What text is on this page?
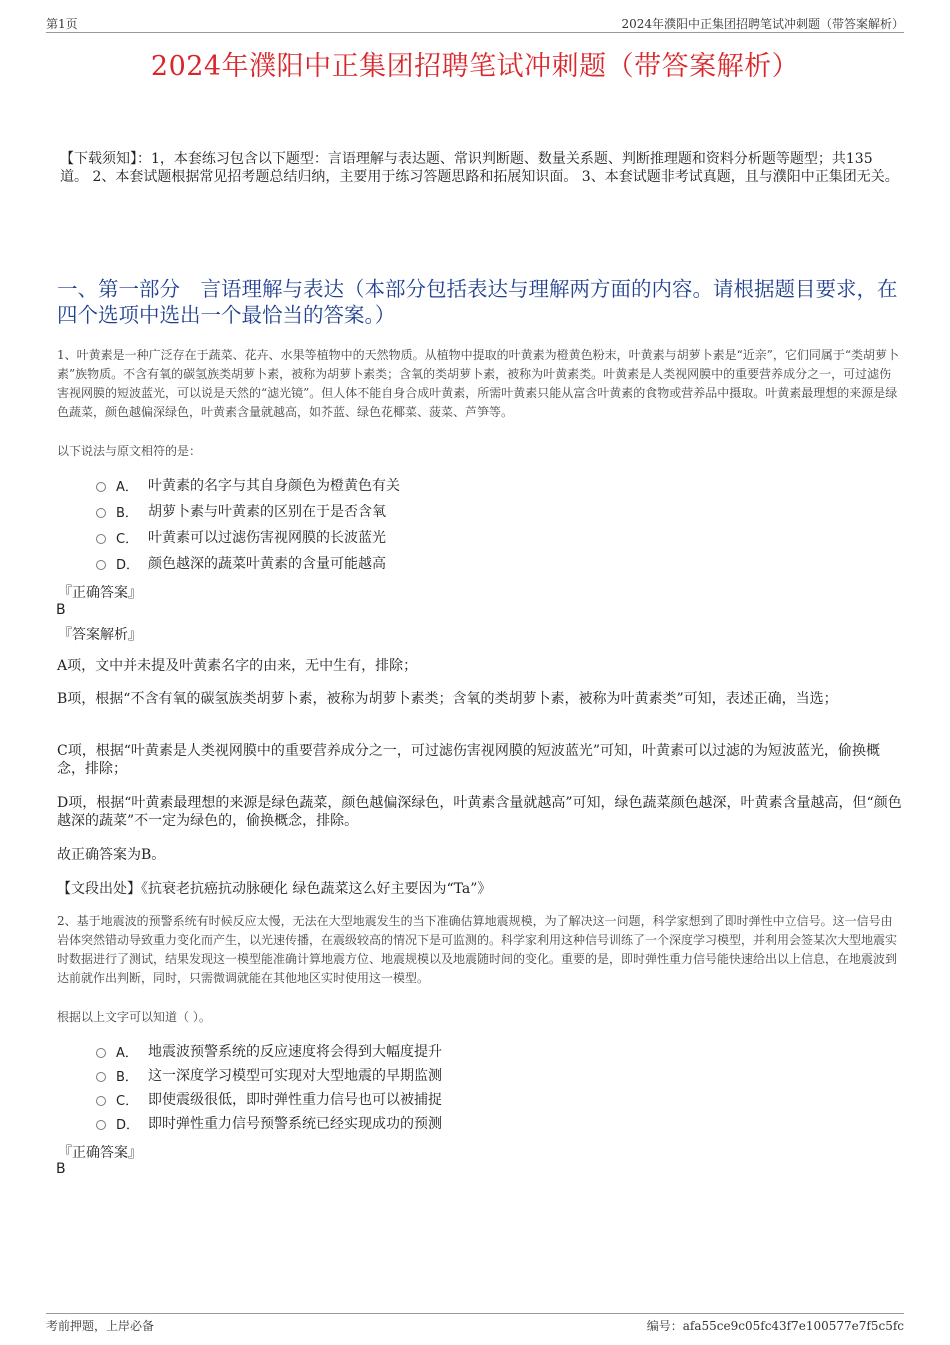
第1页	2024年濮阳中正集团招聘笔试冲刺题（带答案解析）
2024年濮阳中正集团招聘笔试冲刺题（带答案解析）
【下载须知】：1，本套练习包含以下题型：言语理解与表达题、常识判断题、数量关系题、判断推理题和资料分析题等题型；共135道。 2、本套试题根据常见招考题总结归纳，主要用于练习答题思路和拓展知识面。 3、本套试题非考试真题，且与濮阳中正集团无关。
一、第一部分　言语理解与表达（本部分包括表达与理解两方面的内容。请根据题目要求，在四个选项中选出一个最恰当的答案。）
1、叶黄素是一种广泛存在于蔬菜、花卉、水果等植物中的天然物质。从植物中提取的叶黄素为橙黄色粉末，叶黄素与胡萝卜素是“近亲”，它们同属于“类胡萝卜素”族物质。不含有氧的碳氢族类胡萝卜素，被称为胡萝卜素类；含氧的类胡萝卜素，被称为叶黄素类。叶黄素是人类视网膜中的重要营养成分之一，可过滤伤害视网膜的短波蓝光，可以说是天然的“滤光镜”。但人体不能自身合成叶黄素，所需叶黄素只能从富含叶黄素的食物或营养品中摄取。叶黄素最理想的来源是绿色蔬菜，颜色越偏深绿色，叶黄素含量就越高，如芥蓝、绿色花椰菜、菠菜、芦笋等。
以下说法与原文相符的是：
A． 叶黄素的名字与其自身颜色为橙黄色有关
B． 胡萝卜素与叶黄素的区别在于是否含氧
C． 叶黄素可以过滤伤害视网膜的长波蓝光
D． 颜色越深的蔬菜叶黄素的含量可能越高
『正确答案』
B
『答案解析』
A项，文中并未提及叶黄素名字的由来，无中生有，排除；
B项，根据“不含有氧的碳氢族类胡萝卜素，被称为胡萝卜素类；含氧的类胡萝卜素，被称为叶黄素类”可知，表述正确，当选；
C项，根据“叶黄素是人类视网膜中的重要营养成分之一，可过滤伤害视网膜的短波蓝光”可知，叶黄素可以过滤的为短波蓝光，偷换概念，排除；
D项，根据“叶黄素最理想的来源是绿色蔬菜，颜色越偏深绿色，叶黄素含量就越高”可知，绿色蔬菜颜色越深，叶黄素含量越高，但“颜色越深的蔬菜”不一定为绿色的，偷换概念，排除。
故正确答案为B。
【文段出处】《抗衰老抗癌抗动脉硬化 绿色蔬菜这么好主要因为“Ta”》
2、基于地震波的预警系统有时候反应太慢，无法在大型地震发生的当下准确估算地震规模，为了解决这一问题，科学家想到了即时弹性中立信号。这一信号由岩体突然错动导致重力变化而产生，以光速传播，在震级较高的情况下是可监测的。科学家利用这种信号训练了一个深度学习模型，并利用会签某次大型地震实时数据进行了测试，结果发现这一模型能准确计算地震方位、地震规模以及地震随时间的变化。重要的是，即时弹性重力信号能快速给出以上信息，在地震波到达前就作出判断，同时，只需微调就能在其他地区实时使用这一模型。
根据以上文字可以知道（ ）。
A． 地震波预警系统的反应速度将会得到大幅度提升
B． 这一深度学习模型可实现对大型地震的早期监测
C． 即使震级很低，即时弹性重力信号也可以被捕捉
D． 即时弹性重力信号预警系统已经实现成功的预测
『正确答案』
B
考前押题，上岸必备	编号：afa55ce9c05fc43f7e100577e7f5c5fc
